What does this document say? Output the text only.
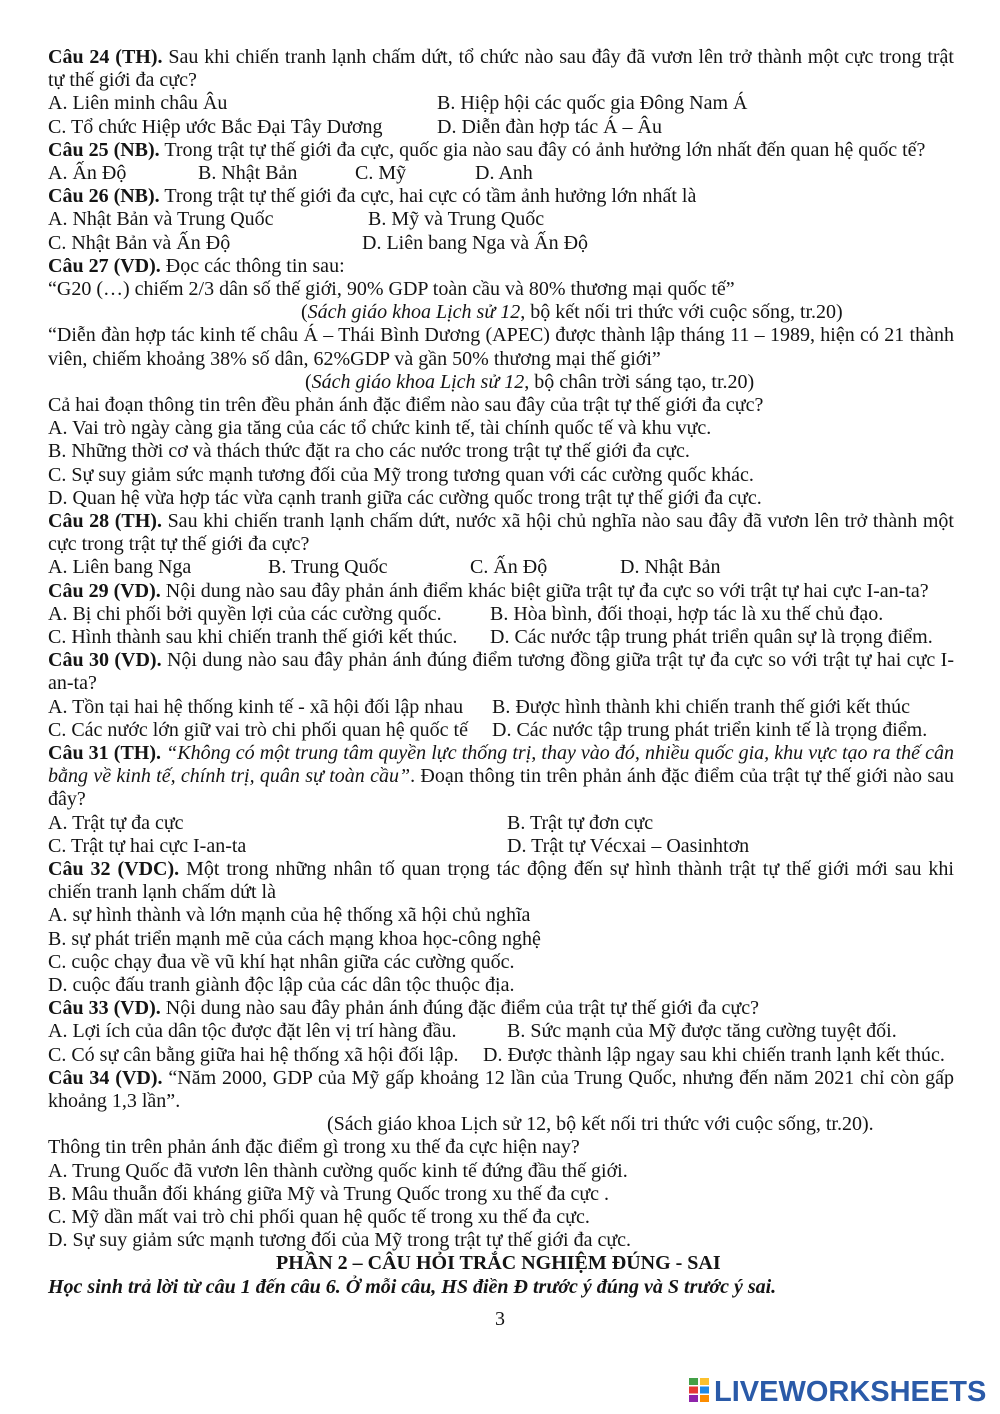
Câu 24 (TH). Sau khi chiến tranh lạnh chấm dứt, tổ chức nào sau đây đã vươn lên trở thành một cực trong trật tự thế giới đa cực?
A. Liên minh châu Âu	B. Hiệp hội các quốc gia Đông Nam Á
C. Tổ chức Hiệp ước Bắc Đại Tây Dương	D. Diễn đàn hợp tác Á – Âu
Câu 25 (NB). Trong trật tự thế giới đa cực, quốc gia nào sau đây có ảnh hưởng lớn nhất đến quan hệ quốc tế?
A. Ấn Độ	B. Nhật Bản	C. Mỹ	D. Anh
Câu 26 (NB). Trong trật tự thế giới đa cực, hai cực có tầm ảnh hưởng lớn nhất là
A. Nhật Bản và Trung Quốc	B. Mỹ và Trung Quốc
C. Nhật Bản và Ấn Độ	D. Liên bang Nga và Ấn Độ
Câu 27 (VD). Đọc các thông tin sau:
“G20 (…) chiếm 2/3 dân số thế giới, 90% GDP toàn cầu và 80% thương mại quốc tế”
(Sách giáo khoa Lịch sử 12, bộ kết nối tri thức với cuộc sống, tr.20)
“Diễn đàn hợp tác kinh tế châu Á – Thái Bình Dương (APEC) được thành lập tháng 11 – 1989, hiện có 21 thành viên, chiếm khoảng 38% số dân, 62%GDP và gần 50% thương mại thế giới”
(Sách giáo khoa Lịch sử 12, bộ chân trời sáng tạo, tr.20)
Cả hai đoạn thông tin trên đều phản ánh đặc điểm nào sau đây của trật tự thế giới đa cực?
A. Vai trò ngày càng gia tăng của các tổ chức kinh tế, tài chính quốc tế và khu vực.
B. Những thời cơ và thách thức đặt ra cho các nước trong trật tự thế giới đa cực.
C. Sự suy giảm sức mạnh tương đối của Mỹ trong tương quan với các cường quốc khác.
D. Quan hệ vừa hợp tác vừa cạnh tranh giữa các cường quốc trong trật tự thế giới đa cực.
Câu 28 (TH). Sau khi chiến tranh lạnh chấm dứt, nước xã hội chủ nghĩa nào sau đây đã vươn lên trở thành một cực trong trật tự thế giới đa cực?
A. Liên bang Nga	B. Trung Quốc	C. Ấn Độ	D. Nhật Bản
Câu 29 (VD). Nội dung nào sau đây phản ánh điểm khác biệt giữa trật tự đa cực so với trật tự hai cực I-an-ta?
A. Bị chi phối bởi quyền lợi của các cường quốc. B. Hòa bình, đối thoại, hợp tác là xu thế chủ đạo.
C. Hình thành sau khi chiến tranh thế giới kết thúc. D. Các nước tập trung phát triển quân sự là trọng điểm.
Câu 30 (VD). Nội dung nào sau đây phản ánh đúng điểm tương đồng giữa trật tự đa cực so với trật tự hai cực I-an-ta?
A. Tồn tại hai hệ thống kinh tế - xã hội đối lập nhau B. Được hình thành khi chiến tranh thế giới kết thúc
C. Các nước lớn giữ vai trò chi phối quan hệ quốc tế D. Các nước tập trung phát triển kinh tế là trọng điểm.
Câu 31 (TH). “Không có một trung tâm quyền lực thống trị, thay vào đó, nhiều quốc gia, khu vực tạo ra thế cân bằng về kinh tế, chính trị, quân sự toàn cầu”. Đoạn thông tin trên phản ánh đặc điểm của trật tự thế giới nào sau đây?
A. Trật tự đa cực	B. Trật tự đơn cực
C. Trật tự hai cực I-an-ta	D. Trật tự Vécxai – Oasinhtơn
Câu 32 (VDC). Một trong những nhân tố quan trọng tác động đến sự hình thành trật tự thế giới mới sau khi chiến tranh lạnh chấm dứt là
A. sự hình thành và lớn mạnh của hệ thống xã hội chủ nghĩa
B. sự phát triển mạnh mẽ của cách mạng khoa học-công nghệ
C. cuộc chạy đua về vũ khí hạt nhân giữa các cường quốc.
D. cuộc đấu tranh giành độc lập của các dân tộc thuộc địa.
Câu 33 (VD). Nội dung nào sau đây phản ánh đúng đặc điểm của trật tự thế giới đa cực?
A. Lợi ích của dân tộc được đặt lên vị trí hàng đầu.	B. Sức mạnh của Mỹ được tăng cường tuyệt đối.
C. Có sự cân bằng giữa hai hệ thống xã hội đối lập. D. Được thành lập ngay sau khi chiến tranh lạnh kết thúc.
Câu 34 (VD). “Năm 2000, GDP của Mỹ gấp khoảng 12 lần của Trung Quốc, nhưng đến năm 2021 chỉ còn gấp khoảng 1,3 lần”.
(Sách giáo khoa Lịch sử 12, bộ kết nối tri thức với cuộc sống, tr.20).
Thông tin trên phản ánh đặc điểm gì trong xu thế đa cực hiện nay?
A. Trung Quốc đã vươn lên thành cường quốc kinh tế đứng đầu thế giới.
B. Mâu thuẫn đối kháng giữa Mỹ và Trung Quốc trong xu thế đa cực .
C. Mỹ dần mất vai trò chi phối quan hệ quốc tế trong xu thế đa cực.
D. Sự suy giảm sức mạnh tương đối của Mỹ trong trật tự thế giới đa cực.
PHẦN 2 – CÂU HỎI TRẮC NGHIỆM ĐÚNG - SAI
Học sinh trả lời từ câu 1 đến câu 6. Ở mỗi câu, HS điền Đ trước ý đúng và S trước ý sai.
3
LIVEWORKSHEETS
